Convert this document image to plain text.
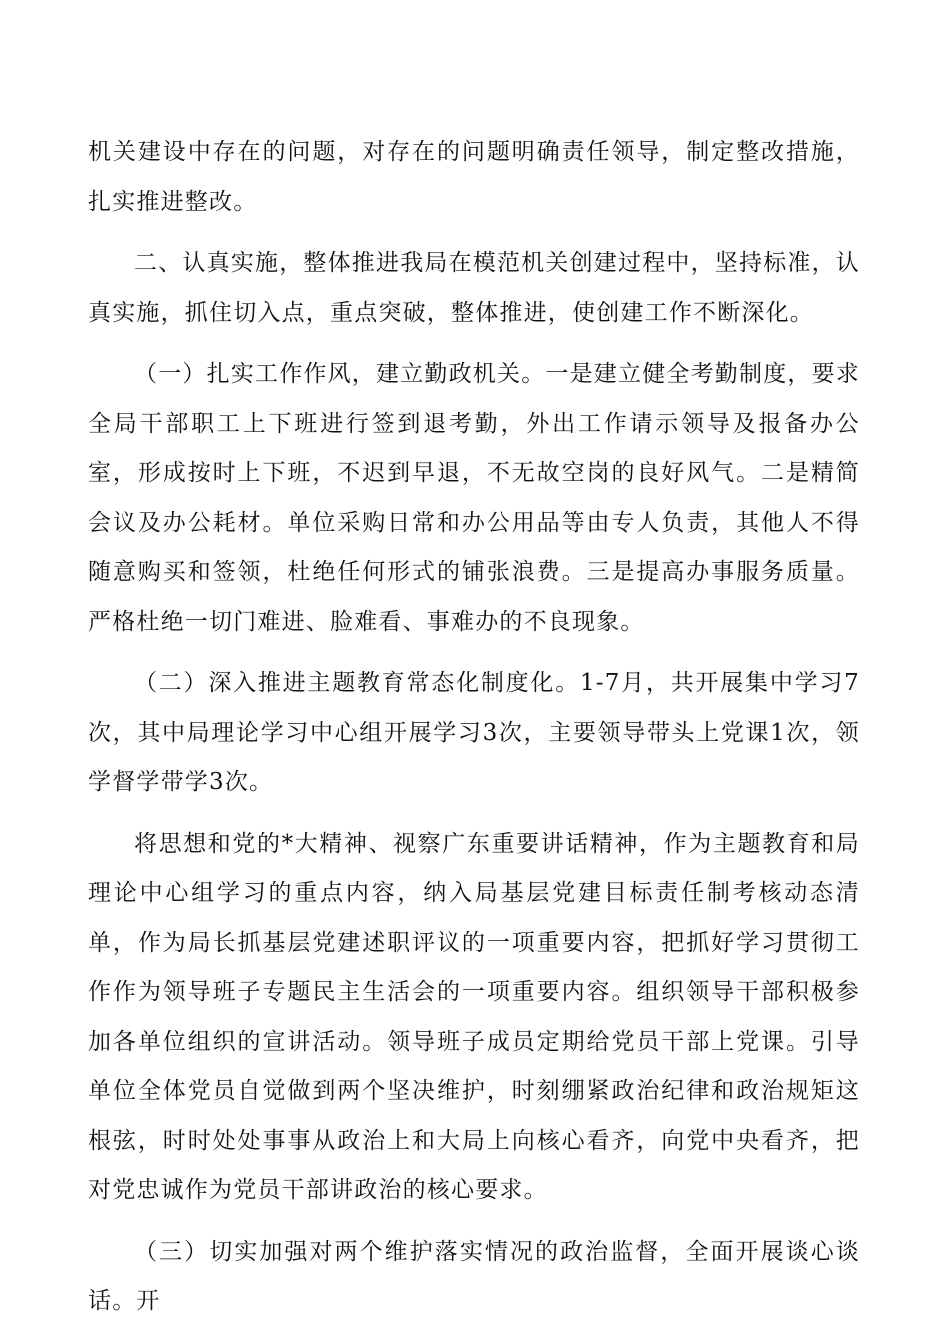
机关建设中存在的问题，对存在的问题明确责任领导，制定整改措施，扎实推进整改。

二、认真实施，整体推进我局在模范机关创建过程中，坚持标准，认真实施，抓住切入点，重点突破，整体推进，使创建工作不断深化。

（一）扎实工作作风，建立勤政机关。一是建立健全考勤制度，要求全局干部职工上下班进行签到退考勤，外出工作请示领导及报备办公室，形成按时上下班，不迟到早退，不无故空岗的良好风气。二是精简会议及办公耗材。单位采购日常和办公用品等由专人负责，其他人不得随意购买和签领，杜绝任何形式的铺张浪费。三是提高办事服务质量。严格杜绝一切门难进、脸难看、事难办的不良现象。

（二）深入推进主题教育常态化制度化。1-7月，共开展集中学习7次，其中局理论学习中心组开展学习3次，主要领导带头上党课1次，领学督学带学3次。

将思想和党的*大精神、视察广东重要讲话精神，作为主题教育和局理论中心组学习的重点内容，纳入局基层党建目标责任制考核动态清单，作为局长抓基层党建述职评议的一项重要内容，把抓好学习贯彻工作作为领导班子专题民主生活会的一项重要内容。组织领导干部积极参加各单位组织的宣讲活动。领导班子成员定期给党员干部上党课。引导单位全体党员自觉做到两个坚决维护，时刻绷紧政治纪律和政治规矩这根弦，时时处处事事从政治上和大局上向核心看齐，向党中央看齐，把对党忠诚作为党员干部讲政治的核心要求。

（三）切实加强对两个维护落实情况的政治监督，全面开展谈心谈话。开
